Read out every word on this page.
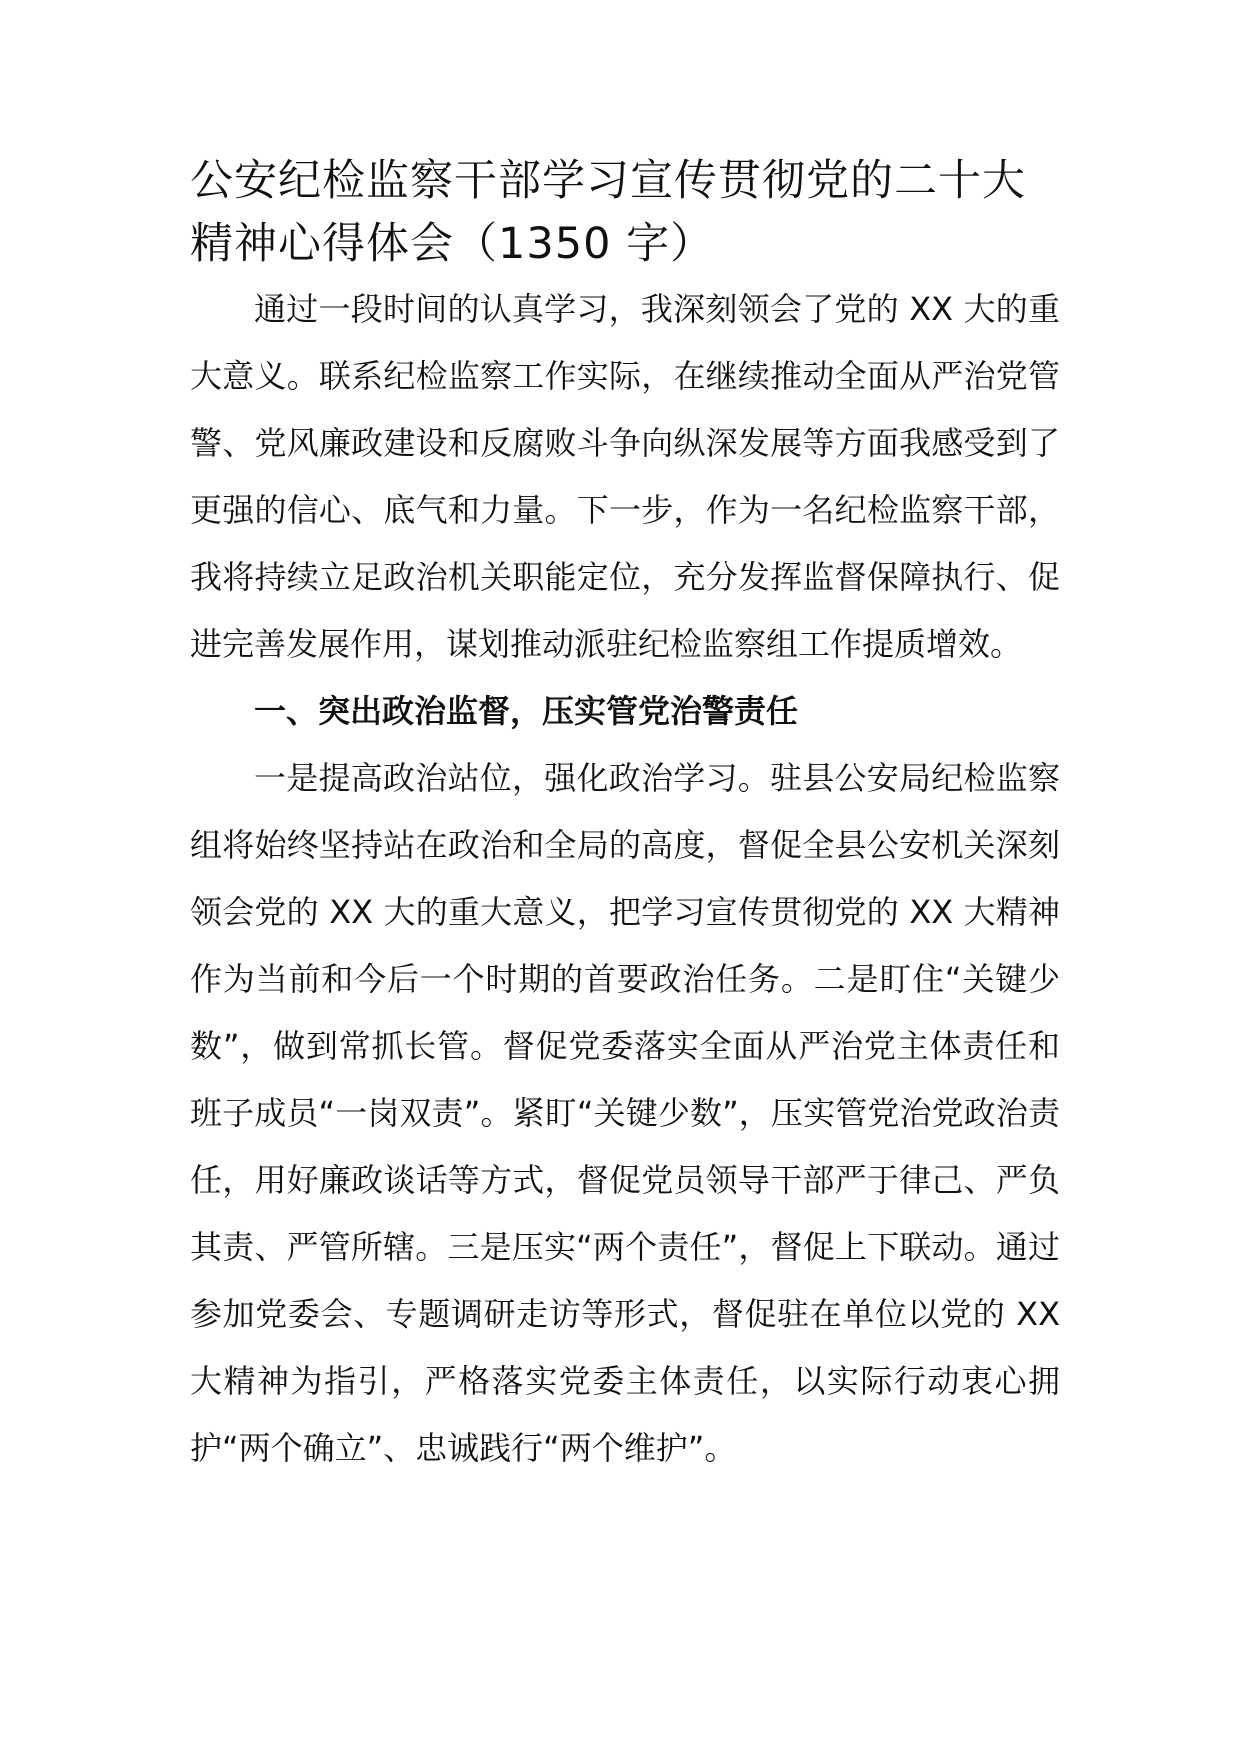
公安纪检监察干部学习宣传贯彻党的二十大精神心得体会（1350 字）

通过一段时间的认真学习，我深刻领会了党的 XX 大的重大意义。联系纪检监察工作实际，在继续推动全面从严治党管警、党风廉政建设和反腐败斗争向纵深发展等方面我感受到了更强的信心、底气和力量。下一步，作为一名纪检监察干部，我将持续立足政治机关职能定位，充分发挥监督保障执行、促进完善发展作用，谋划推动派驻纪检监察组工作提质增效。

一、突出政治监督，压实管党治警责任

一是提高政治站位，强化政治学习。驻县公安局纪检监察组将始终坚持站在政治和全局的高度，督促全县公安机关深刻领会党的 XX 大的重大意义，把学习宣传贯彻党的 XX 大精神作为当前和今后一个时期的首要政治任务。二是盯住“关键少数”，做到常抓长管。督促党委落实全面从严治党主体责任和班子成员“一岗双责”。紧盯“关键少数”，压实管党治党政治责任，用好廉政谈话等方式，督促党员领导干部严于律己、严负其责、严管所辖。三是压实“两个责任”，督促上下联动。通过参加党委会、专题调研走访等形式，督促驻在单位以党的 XX 大精神为指引，严格落实党委主体责任，以实际行动衷心拥护“两个确立”、忠诚践行“两个维护”。
